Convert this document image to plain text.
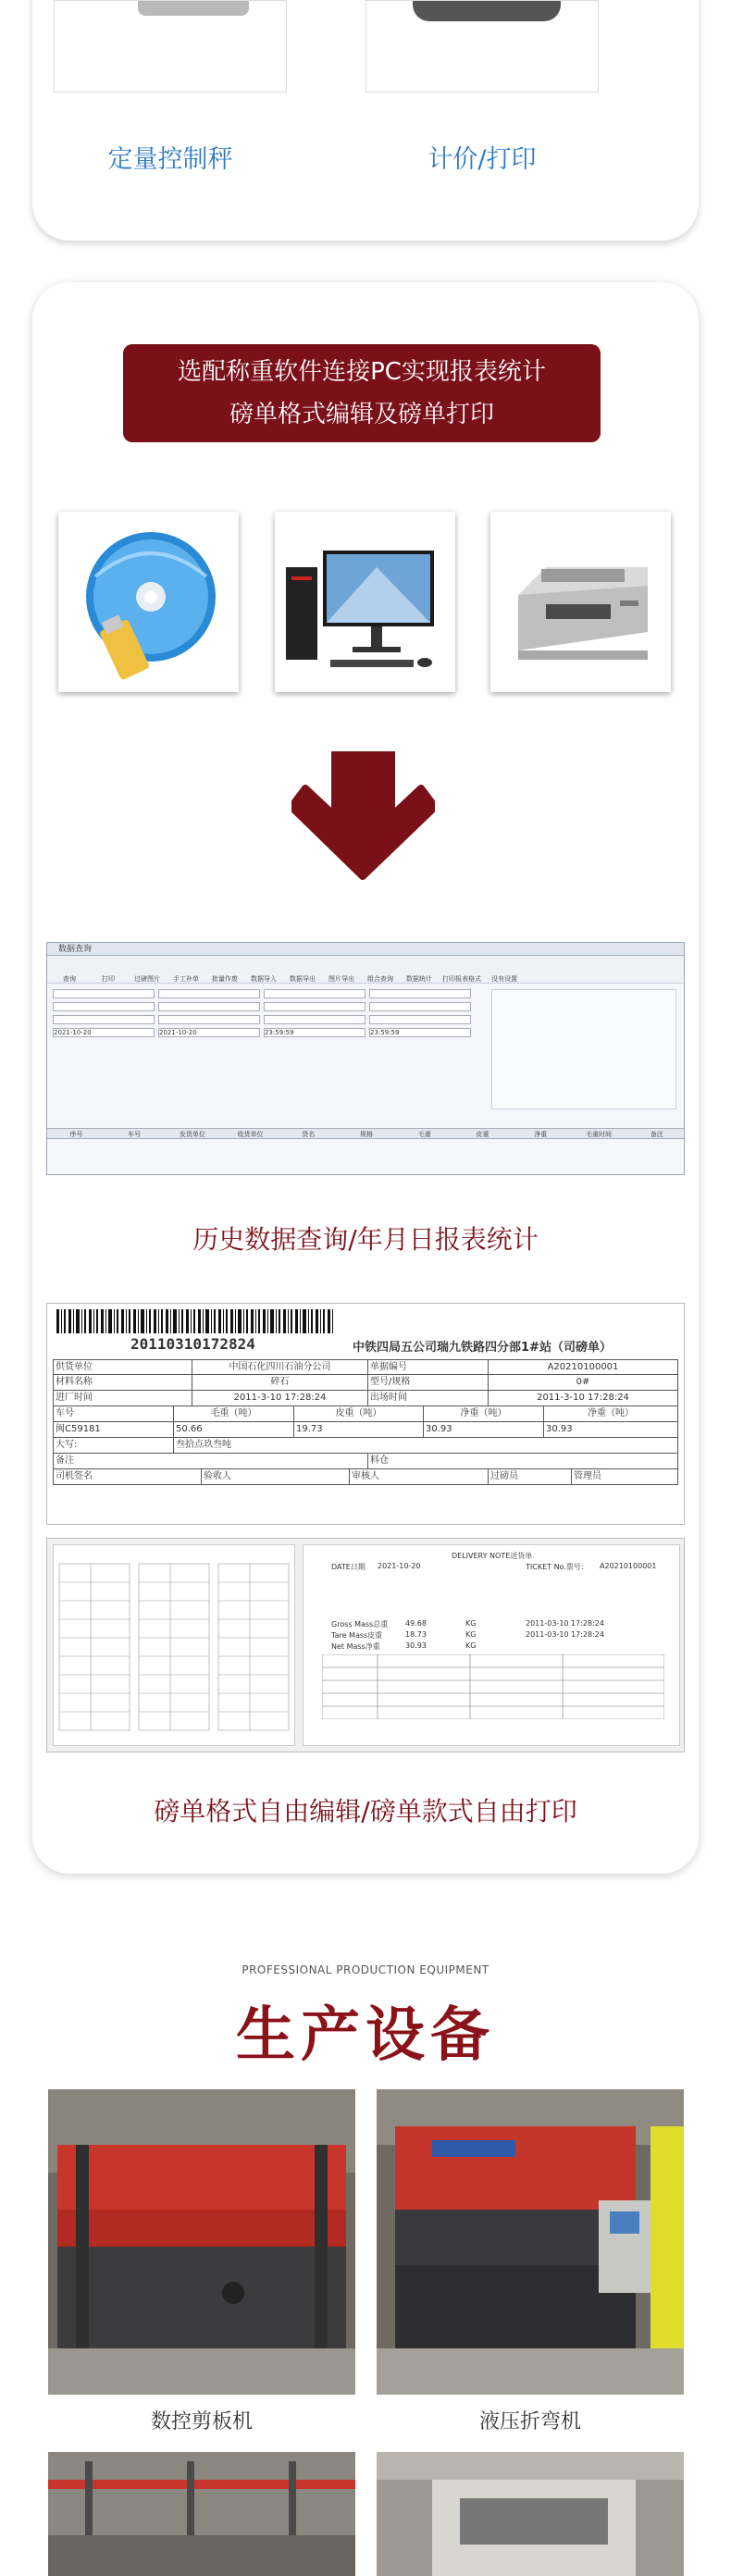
定量控制秤	计价/打印
选配称重软件连接PC实现报表统计
磅单格式编辑及磅单打印
数据查询
查询	打印	过磅图片	手工补单	批量作废	数据导入	数据导出	图片导出	组合查询	数据统计	打印报表格式	没有设置
2021-10-20	2021-10-20	23:59:59	23:59:59
序号	车号	发货单位	收货单位	货名	规格	毛重	皮重	净重	毛重时间	备注
历史数据查询/年月日报表统计
20110310172824	中铁四局五公司瑞九铁路四分部1#站（司磅单）
供货单位	中国石化四川石油分公司	单据编号	A20210100001
材料名称	碎石	型号/规格	0#
进厂时间	2011-3-10 17:28:24	出场时间	2011-3-10 17:28:24
车号	毛重（吨）	皮重（吨）	净重（吨）	净重（吨）
闽C59181	50.66	19.73	30.93	30.93
大写:	叁拾点玖叁吨
备注	料仓
司机签名	验收人	审核人	过磅员	管理员
DELIVERY NOTE送货单
DATE日期 2021-10-20	TICKET No.票号： A20210100001
Gross Mass总重 49.68	KG	2011-03-10 17:28:24
Tare Mass皮重	18.73	KG	2011-03-10 17:28:24
Net Mass净重	30.93	KG
磅单格式自由编辑/磅单款式自由打印
PROFESSIONAL PRODUCTION EQUIPMENT
生产设备
数控剪板机	液压折弯机
